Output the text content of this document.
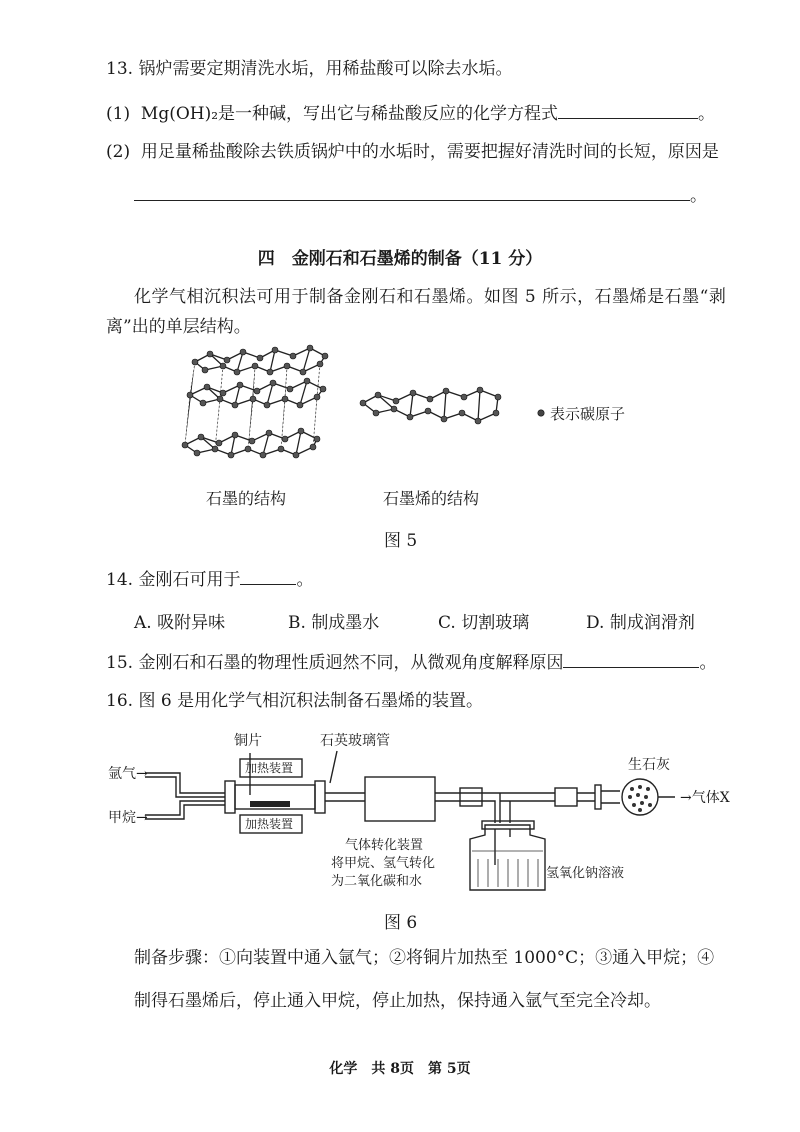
13. 锅炉需要定期清洗水垢，用稀盐酸可以除去水垢。
(1) Mg(OH)₂是一种碱，写出它与稀盐酸反应的化学方程式	。
(2) 用足量稀盐酸除去铁质锅炉中的水垢时，需要把握好清洗时间的长短，原因是
。
四　金刚石和石墨烯的制备（11 分）
化学气相沉积法可用于制备金刚石和石墨烯。如图 5 所示，石墨烯是石墨“剥
离”出的单层结构。
表示碳原子
石墨的结构	石墨烯的结构
图 5
14. 金刚石可用于	。
A. 吸附异味	B. 制成墨水	C. 切割玻璃	D. 制成润滑剂
15. 金刚石和石墨的物理性质迥然不同，从微观角度解释原因	。
16. 图 6 是用化学气相沉积法制备石墨烯的装置。
铜片	石英玻璃管
氩气→
甲烷→
加热装置
加热装置
气体转化装置
将甲烷、氢气转化
为二氧化碳和水
氢氧化钠溶液
生石灰
→气体X
图 6
制备步骤：①向装置中通入氩气；②将铜片加热至 1000°C；③通入甲烷；④
制得石墨烯后，停止通入甲烷，停止加热，保持通入氩气至完全冷却。
化学　共 8页　第 5页
